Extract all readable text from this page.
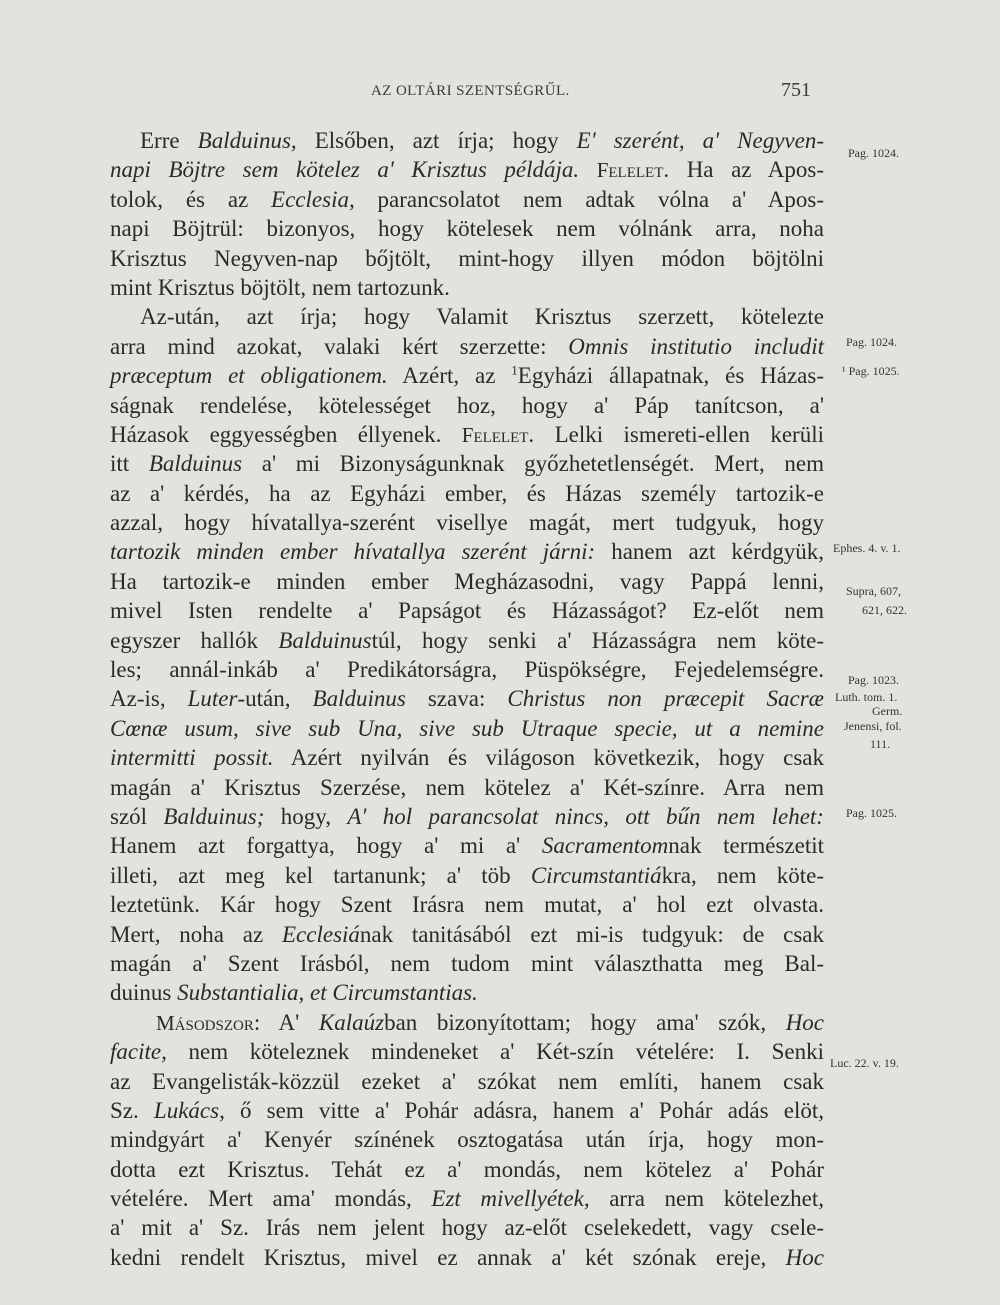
AZ OLTÁRI SZENTSÉGRŰL.	751
Erre Balduinus, Elsőben, azt írja; hogy E' szerént, a' Negyven-
napi Böjtre sem kötelez a' Krisztus példája. Felelet. Ha az Apos-
tolok, és az Ecclesia, parancsolatot nem adtak vólna a' Apos-
napi Böjtrül: bizonyos, hogy kötelesek nem vólnánk arra, noha
Krisztus Negyven-nap bőjtölt, mint-hogy illyen módon böjtölni
mint Krisztus böjtölt, nem tartozunk.
Az-után, azt írja; hogy Valamit Krisztus szerzett, kötelezte
arra mind azokat, valaki kért szerzette: Omnis institutio includit
præceptum et obligationem. Azért, az $^1$Egyházi állapatnak, és Házas-
ságnak rendelése, kötelességet hoz, hogy a' Páp tanítcson, a'
Házasok eggyességben éllyenek. Felelet. Lelki ismereti-ellen kerüli
itt Balduinus a' mi Bizonyságunknak győzhetetlenségét. Mert, nem
az a' kérdés, ha az Egyházi ember, és Házas személy tartozik-e
azzal, hogy hívatallya-szerént visellye magát, mert tudgyuk, hogy
tartozik minden ember hívatallya szerént járni: hanem azt kérdgyük,
Ha tartozik-e minden ember Megházasodni, vagy Pappá lenni,
mivel Isten rendelte a' Papságot és Házasságot? Ez-előt nem
egyszer hallók Balduinustúl, hogy senki a' Házasságra nem köte-
les; annál-inkáb a' Predikátorságra, Püspökségre, Fejedelemségre.
Az-is, Luter-után, Balduinus szava: Christus non præcepit Sacræ
Cœnæ usum, sive sub Una, sive sub Utraque specie, ut a nemine
intermitti possit. Azért nyilván és világoson következik, hogy csak
magán a' Krisztus Szerzése, nem kötelez a' Két-színre. Arra nem
szól Balduinus; hogy, A' hol parancsolat nincs, ott bűn nem lehet:
Hanem azt forgattya, hogy a' mi a' Sacramentomnak természetit
illeti, azt meg kel tartanunk; a' töb Circumstantiákra, nem köte-
leztetünk. Kár hogy Szent Irásra nem mutat, a' hol ezt olvasta.
Mert, noha az Ecclesiának tanitásából ezt mi-is tudgyuk: de csak
magán a' Szent Irásból, nem tudom mint választhatta meg Bal-
duinus Substantialia, et Circumstantias.
Másodszor: A' Kalaúzban bizonyítottam; hogy ama' szók, Hoc
facite, nem köteleznek mindeneket a' Két-szín vételére: I. Senki
az Evangelisták-közzül ezeket a' szókat nem említi, hanem csak
Sz. Lukács, ő sem vitte a' Pohár adásra, hanem a' Pohár adás elöt,
mindgyárt a' Kenyér színének osztogatása után írja, hogy mon-
dotta ezt Krisztus. Tehát ez a' mondás, nem kötelez a' Pohár
vételére. Mert ama' mondás, Ezt mivellyétek, arra nem kötelezhet,
a' mit a' Sz. Irás nem jelent hogy az-előt cselekedett, vagy csele-
kedni rendelt Krisztus, mivel ez annak a' két szónak ereje, Hoc
Pag. 1024.
Pag. 1024.
¹ Pag. 1025.
Ephes. 4. v. 1.
Supra, 607,
621, 622.
Pag. 1023.
Luth. tom. 1.
Germ.
Jenensi, fol.
111.
Pag. 1025.
Luc. 22. v. 19.
